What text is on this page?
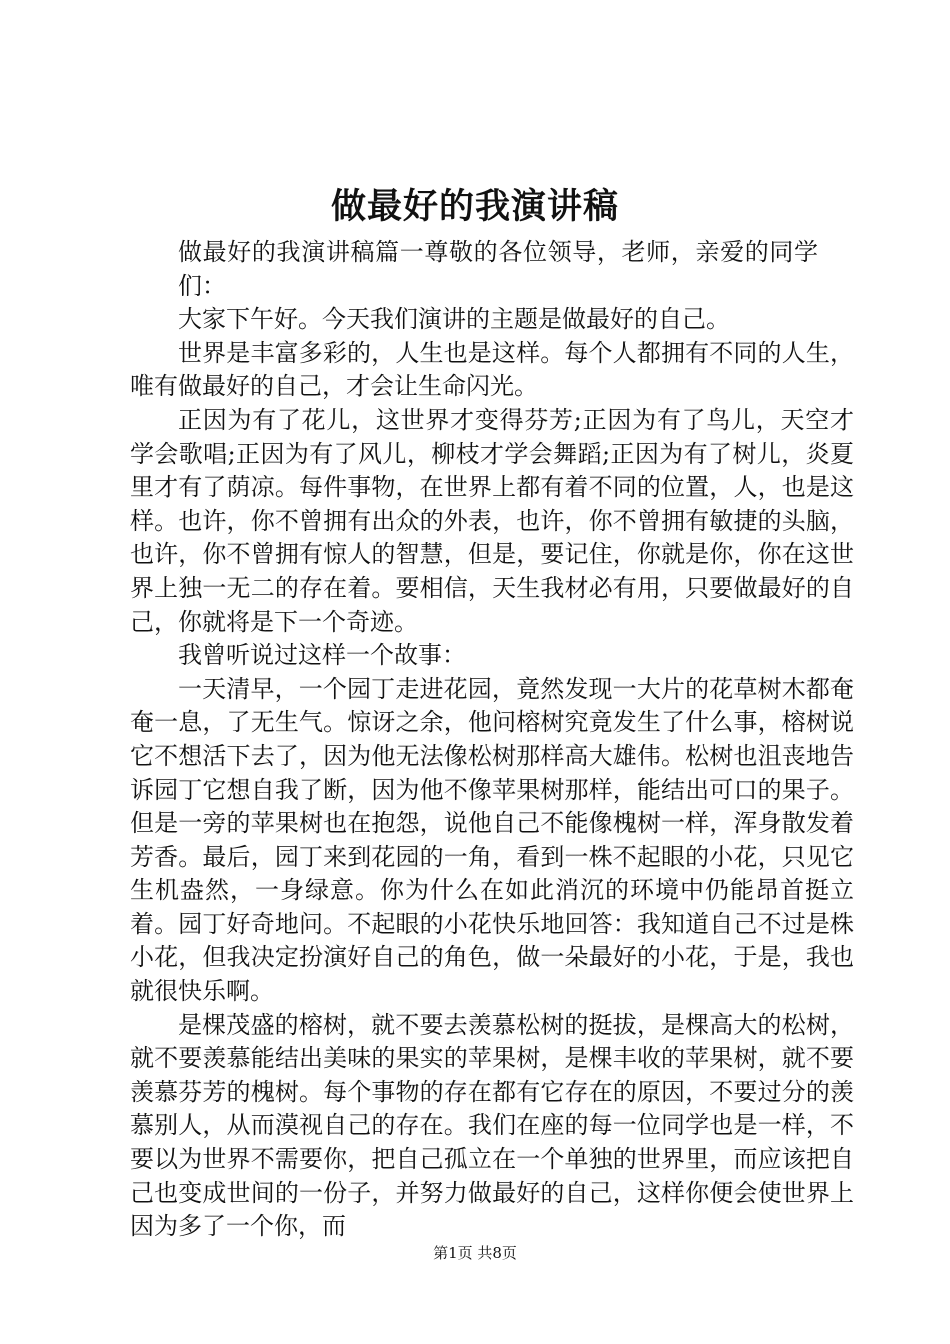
做最好的我演讲稿

做最好的我演讲稿篇一尊敬的各位领导，老师，亲爱的同学们：

大家下午好。今天我们演讲的主题是做最好的自己。

世界是丰富多彩的，人生也是这样。每个人都拥有不同的人生，唯有做最好的自己，才会让生命闪光。

正因为有了花儿，这世界才变得芬芳;正因为有了鸟儿，天空才学会歌唱;正因为有了风儿，柳枝才学会舞蹈;正因为有了树儿，炎夏里才有了荫凉。每件事物，在世界上都有着不同的位置，人，也是这样。也许，你不曾拥有出众的外表，也许，你不曾拥有敏捷的头脑，也许，你不曾拥有惊人的智慧，但是，要记住，你就是你，你在这世界上独一无二的存在着。要相信，天生我材必有用，只要做最好的自己，你就将是下一个奇迹。

我曾听说过这样一个故事：

一天清早，一个园丁走进花园，竟然发现一大片的花草树木都奄奄一息，了无生气。惊讶之余，他问榕树究竟发生了什么事，榕树说它不想活下去了，因为他无法像松树那样高大雄伟。松树也沮丧地告诉园丁它想自我了断，因为他不像苹果树那样，能结出可口的果子。但是一旁的苹果树也在抱怨，说他自己不能像槐树一样，浑身散发着芳香。最后，园丁来到花园的一角，看到一株不起眼的小花，只见它生机盎然，一身绿意。你为什么在如此消沉的环境中仍能昂首挺立着。园丁好奇地问。不起眼的小花快乐地回答：我知道自己不过是株小花，但我决定扮演好自己的角色，做一朵最好的小花，于是，我也就很快乐啊。

是棵茂盛的榕树，就不要去羡慕松树的挺拔，是棵高大的松树，就不要羡慕能结出美味的果实的苹果树，是棵丰收的苹果树，就不要羡慕芬芳的槐树。每个事物的存在都有它存在的原因，不要过分的羡慕别人，从而漠视自己的存在。我们在座的每一位同学也是一样，不要以为世界不需要你，把自己孤立在一个单独的世界里，而应该把自己也变成世间的一份子，并努力做最好的自己，这样你便会使世界上因为多了一个你，而

第1页 共8页
